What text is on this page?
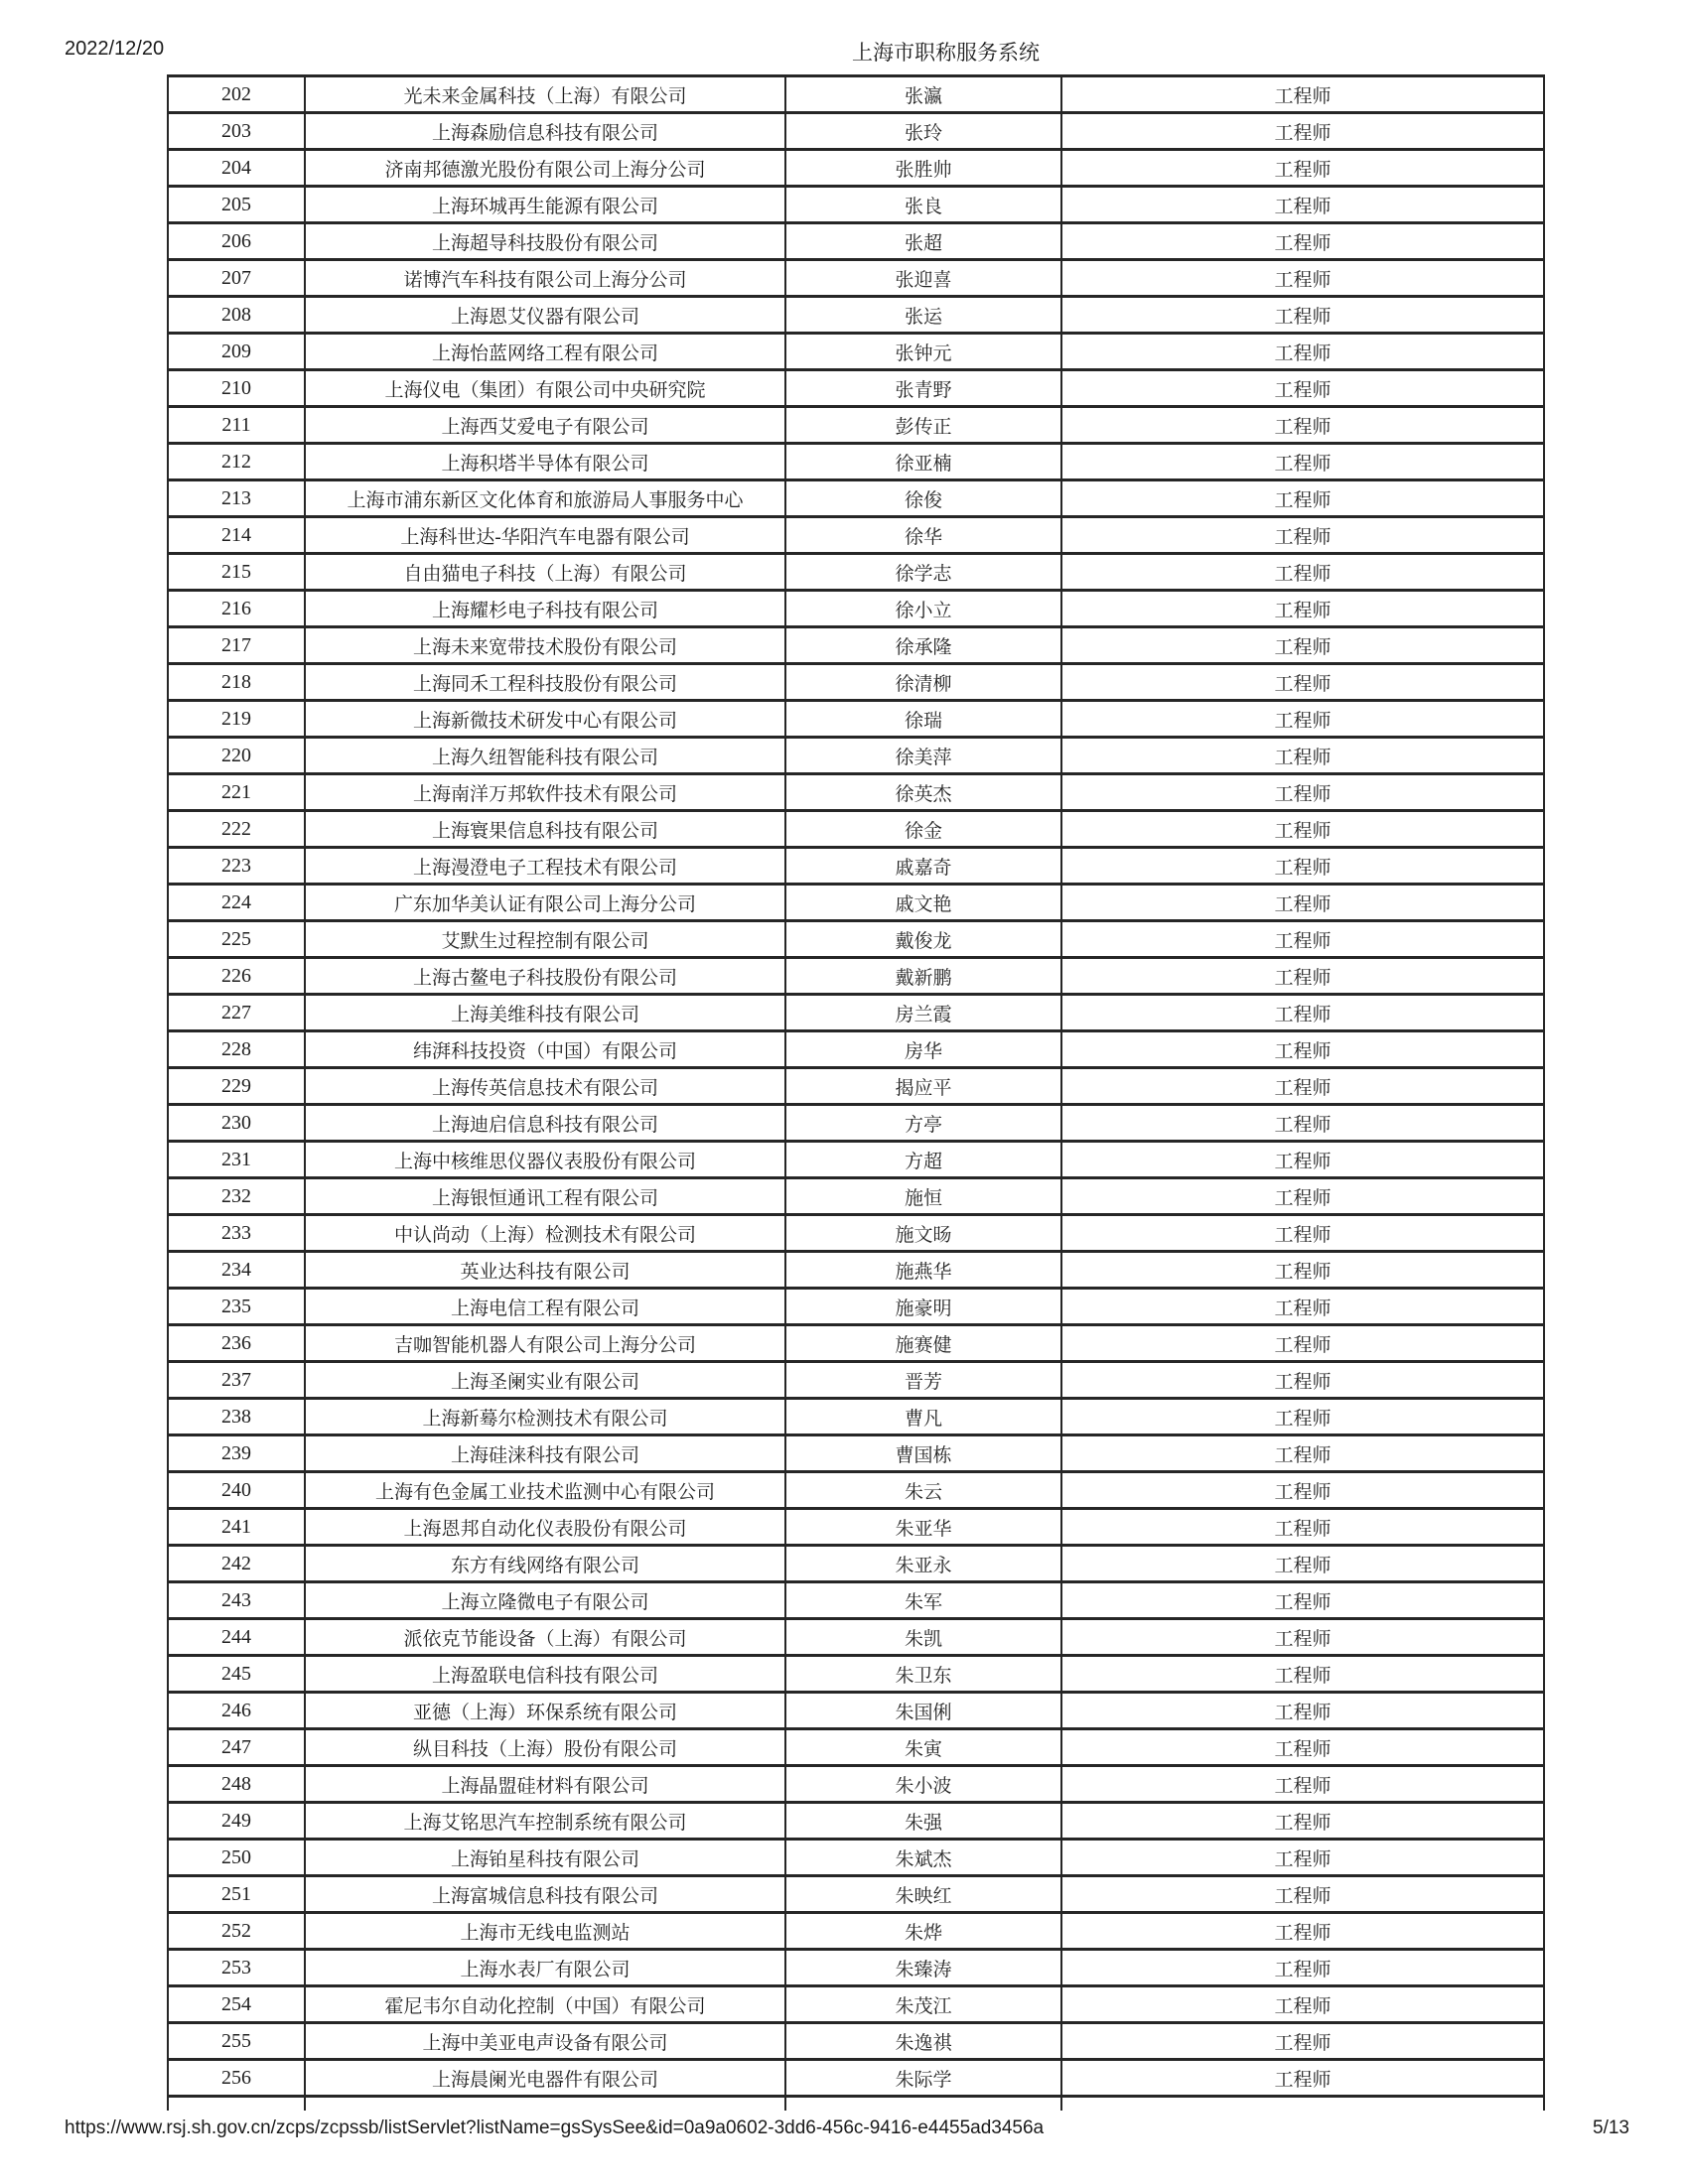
2022/12/20	上海市职称服务系统
202	光未来金属科技（上海）有限公司	张瀛	工程师
203	上海森励信息科技有限公司	张玲	工程师
204	济南邦德激光股份有限公司上海分公司	张胜帅	工程师
205	上海环城再生能源有限公司	张良	工程师
206	上海超导科技股份有限公司	张超	工程师
207	诺博汽车科技有限公司上海分公司	张迎喜	工程师
208	上海恩艾仪器有限公司	张运	工程师
209	上海怡蓝网络工程有限公司	张钟元	工程师
210	上海仪电（集团）有限公司中央研究院	张青野	工程师
211	上海西艾爱电子有限公司	彭传正	工程师
212	上海积塔半导体有限公司	徐亚楠	工程师
213	上海市浦东新区文化体育和旅游局人事服务中心	徐俊	工程师
214	上海科世达-华阳汽车电器有限公司	徐华	工程师
215	自由猫电子科技（上海）有限公司	徐学志	工程师
216	上海耀杉电子科技有限公司	徐小立	工程师
217	上海未来宽带技术股份有限公司	徐承隆	工程师
218	上海同禾工程科技股份有限公司	徐清柳	工程师
219	上海新微技术研发中心有限公司	徐瑞	工程师
220	上海久纽智能科技有限公司	徐美萍	工程师
221	上海南洋万邦软件技术有限公司	徐英杰	工程师
222	上海寰果信息科技有限公司	徐金	工程师
223	上海漫澄电子工程技术有限公司	戚嘉奇	工程师
224	广东加华美认证有限公司上海分公司	戚文艳	工程师
225	艾默生过程控制有限公司	戴俊龙	工程师
226	上海古鳌电子科技股份有限公司	戴新鹏	工程师
227	上海美维科技有限公司	房兰霞	工程师
228	纬湃科技投资（中国）有限公司	房华	工程师
229	上海传英信息技术有限公司	揭应平	工程师
230	上海迪启信息科技有限公司	方亭	工程师
231	上海中核维思仪器仪表股份有限公司	方超	工程师
232	上海银恒通讯工程有限公司	施恒	工程师
233	中认尚动（上海）检测技术有限公司	施文旸	工程师
234	英业达科技有限公司	施燕华	工程师
235	上海电信工程有限公司	施豪明	工程师
236	吉咖智能机器人有限公司上海分公司	施赛健	工程师
237	上海圣阑实业有限公司	晋芳	工程师
238	上海新蓦尔检测技术有限公司	曹凡	工程师
239	上海硅涞科技有限公司	曹国栋	工程师
240	上海有色金属工业技术监测中心有限公司	朱云	工程师
241	上海恩邦自动化仪表股份有限公司	朱亚华	工程师
242	东方有线网络有限公司	朱亚永	工程师
243	上海立隆微电子有限公司	朱军	工程师
244	派依克节能设备（上海）有限公司	朱凯	工程师
245	上海盈联电信科技有限公司	朱卫东	工程师
246	亚德（上海）环保系统有限公司	朱国俐	工程师
247	纵目科技（上海）股份有限公司	朱寅	工程师
248	上海晶盟硅材料有限公司	朱小波	工程师
249	上海艾铭思汽车控制系统有限公司	朱强	工程师
250	上海铂星科技有限公司	朱斌杰	工程师
251	上海富城信息科技有限公司	朱映红	工程师
252	上海市无线电监测站	朱烨	工程师
253	上海水表厂有限公司	朱臻涛	工程师
254	霍尼韦尔自动化控制（中国）有限公司	朱茂江	工程师
255	上海中美亚电声设备有限公司	朱逸祺	工程师
256	上海晨阑光电器件有限公司	朱际学	工程师
https://www.rsj.sh.gov.cn/zcps/zcpssb/listServlet?listName=gsSysSee&id=0a9a0602-3dd6-456c-9416-e4455ad3456a	5/13
